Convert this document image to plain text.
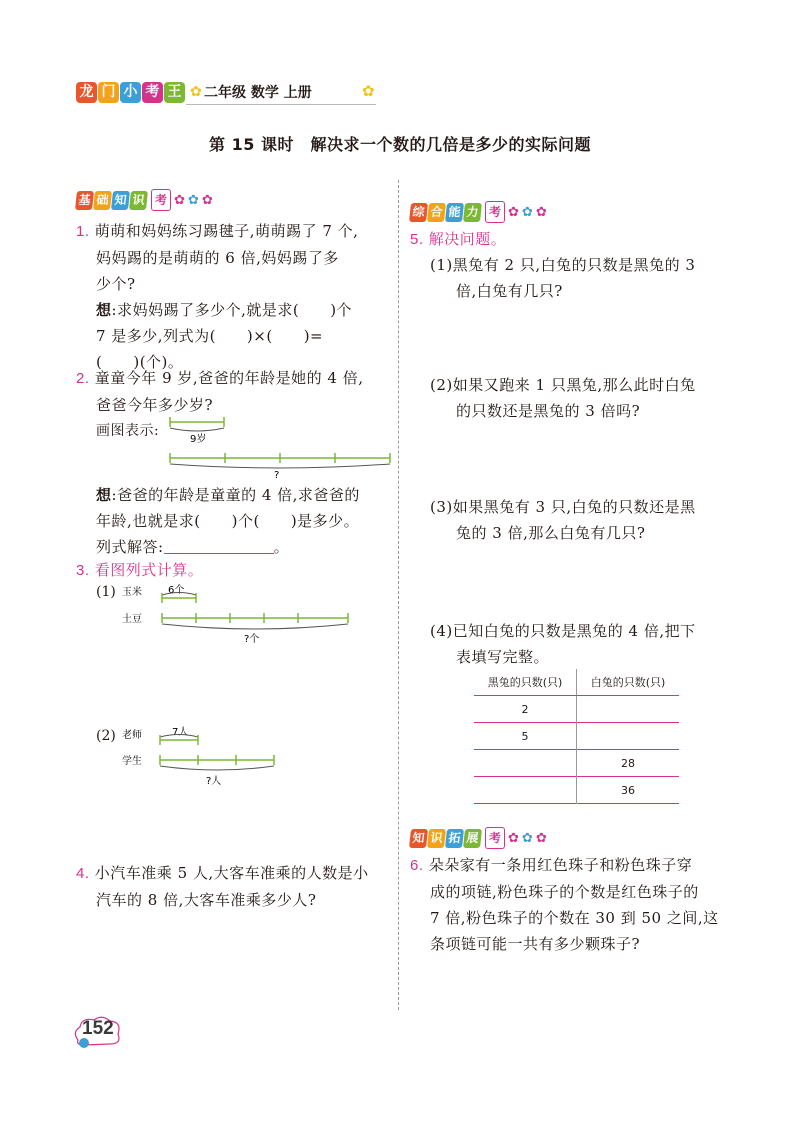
龙 门 小 考 王 ✿ 二年级 数学 上册	✿
第 15 课时　解决求一个数的几倍是多少的实际问题
基 础 知 识 考 ✿ ✿ ✿
1. 萌萌和妈妈练习踢毽子,萌萌踢了 7 个,
妈妈踢的是萌萌的 6 倍,妈妈踢了多
少个?
想:求妈妈踢了多少个,就是求(　　)个
7 是多少,列式为(　　)×(　　)=
(　　)(个)。
2. 童童今年 9 岁,爸爸的年龄是她的 4 倍,
爸爸今年多少岁?
画图表示:
9岁
?
想:爸爸的年龄是童童的 4 倍,求爸爸的
年龄,也就是求(　　)个(　　)是多少。
列式解答:	。
3. 看图列式计算。
(1) 玉米	6个
土豆
?个
(2) 老师	7人
学生
?人
4. 小汽车准乘 5 人,大客车准乘的人数是小
汽车的 8 倍,大客车准乘多少人?
综 合 能 力 考 ✿ ✿ ✿
5. 解决问题。
(1)黑兔有 2 只,白兔的只数是黑兔的 3
倍,白兔有几只?
(2)如果又跑来 1 只黑兔,那么此时白兔
的只数还是黑兔的 3 倍吗?
(3)如果黑兔有 3 只,白兔的只数还是黑
兔的 3 倍,那么白兔有几只?
(4)已知白兔的只数是黑兔的 4 倍,把下
表填写完整。
黑兔的只数(只)	白兔的只数(只)
2	
5	
	28
	36
知 识 拓 展 考 ✿ ✿ ✿
6. 朵朵家有一条用红色珠子和粉色珠子穿
成的项链,粉色珠子的个数是红色珠子的
7 倍,粉色珠子的个数在 30 到 50 之间,这
条项链可能一共有多少颗珠子?
152
